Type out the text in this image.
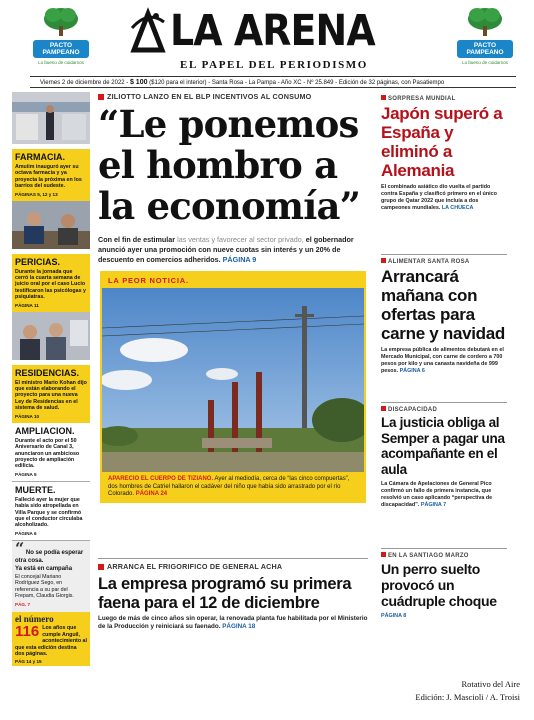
PACTO PAMPEANO
Lo bueno de cuidarnos
LA ARENA	PACTO PAMPEANO
Lo bueno de cuidarnos
EL PAPEL DEL PERIODISMO
Viernes 2 de diciembre de 2022 - $ 100 ($120 para el interior) - Santa Rosa - La Pampa - Año XC - Nº 25.849 - Edición de 32 páginas, con Pasatiempo
FARMACIA.
Amuiim inauguró ayer su octava farmacia y ya proyecta la próxima en los barrios del sudeste.
PÁGINAS 5, 12 y 13
PERICIAS.
Durante la jornada que cerró la cuarta semana de juicio oral por el caso Lucio testificaron las psicólogas y psiquiatras.
PÁGINA 11
RESIDENCIAS.
El ministro Mario Kohan dijo que están elaborando el proyecto para una nueva Ley de Residencias en el sistema de salud.
PÁGINA 10
AMPLIACION.
Durante el acto por el 50 Aniversario de Canal 3, anunciaron un ambicioso proyecto de ampliación edilicia.
PÁGINA 5
MUERTE.
Falleció ayer la mujer que había sido atropellada en Villa Parque y se confirmó que el conductor circulaba alcoholizado.
PÁGINA 6
“ No se podía esperar otra cosa.
Ya está en campaña
El concejal Mariano Rodríguez Sego, en referencia a su par del Frepam, Claudia Giorgis.
PÁG. 7
el número
116 Los años que cumple Anguil, acontecimiento al que esta edición destina dos páginas.
PÁG 14 y 15
ZILIOTTO LANZO EN EL BLP INCENTIVOS AL CONSUMO
“Le ponemos el hombro a la economía”
Con el fin de estimular las ventas y favorecer al sector privado, el gobernador anunció ayer una promoción con nueve cuotas sin interés y un 20% de descuento en comercios adheridos. PÁGINA 9
LA PEOR NOTICIA.
APARECIO EL CUERPO DE TIZIANO. Ayer al mediodía, cerca de “las cinco compuertas”, dos hombres de Catriel hallaron el cadáver del niño que había sido arrastrado por el río Colorado. PÁGINA 24
ARRANCA EL FRIGORIFICO DE GENERAL ACHA
La empresa programó su primera faena para el 12 de diciembre
Luego de más de cinco años sin operar, la renovada planta fue habilitada por el Ministerio de la Producción y reiniciará su faenado. PÁGINA 18
SORPRESA MUNDIAL
Japón superó a España y eliminó a Alemania
El combinado asiático dio vuelta el partido contra España y clasificó primero en el único grupo de Qatar 2022 que incluía a dos campeones mundiales. LA CHUECA
ALIMENTAR SANTA ROSA
Arrancará mañana con ofertas para carne y navidad
La empresa pública de alimentos debutará en el Mercado Municipal, con carne de cordero a 700 pesos por kilo y una canasta navideña de 999 pesos. PÁGINA 6
DISCAPACIDAD
La justicia obliga al Semper a pagar una acompañante en el aula
La Cámara de Apelaciones de General Pico confirmó un fallo de primera instancia, que resolvió un caso aplicando “perspectiva de discapacidad”. PÁGINA 7
EN LA SANTIAGO MARZO
Un perro suelto provocó un cuádruple choque
PÁGINA 8
Rotativo del Aire
Edición: J. Mascioli / A. Troisi
